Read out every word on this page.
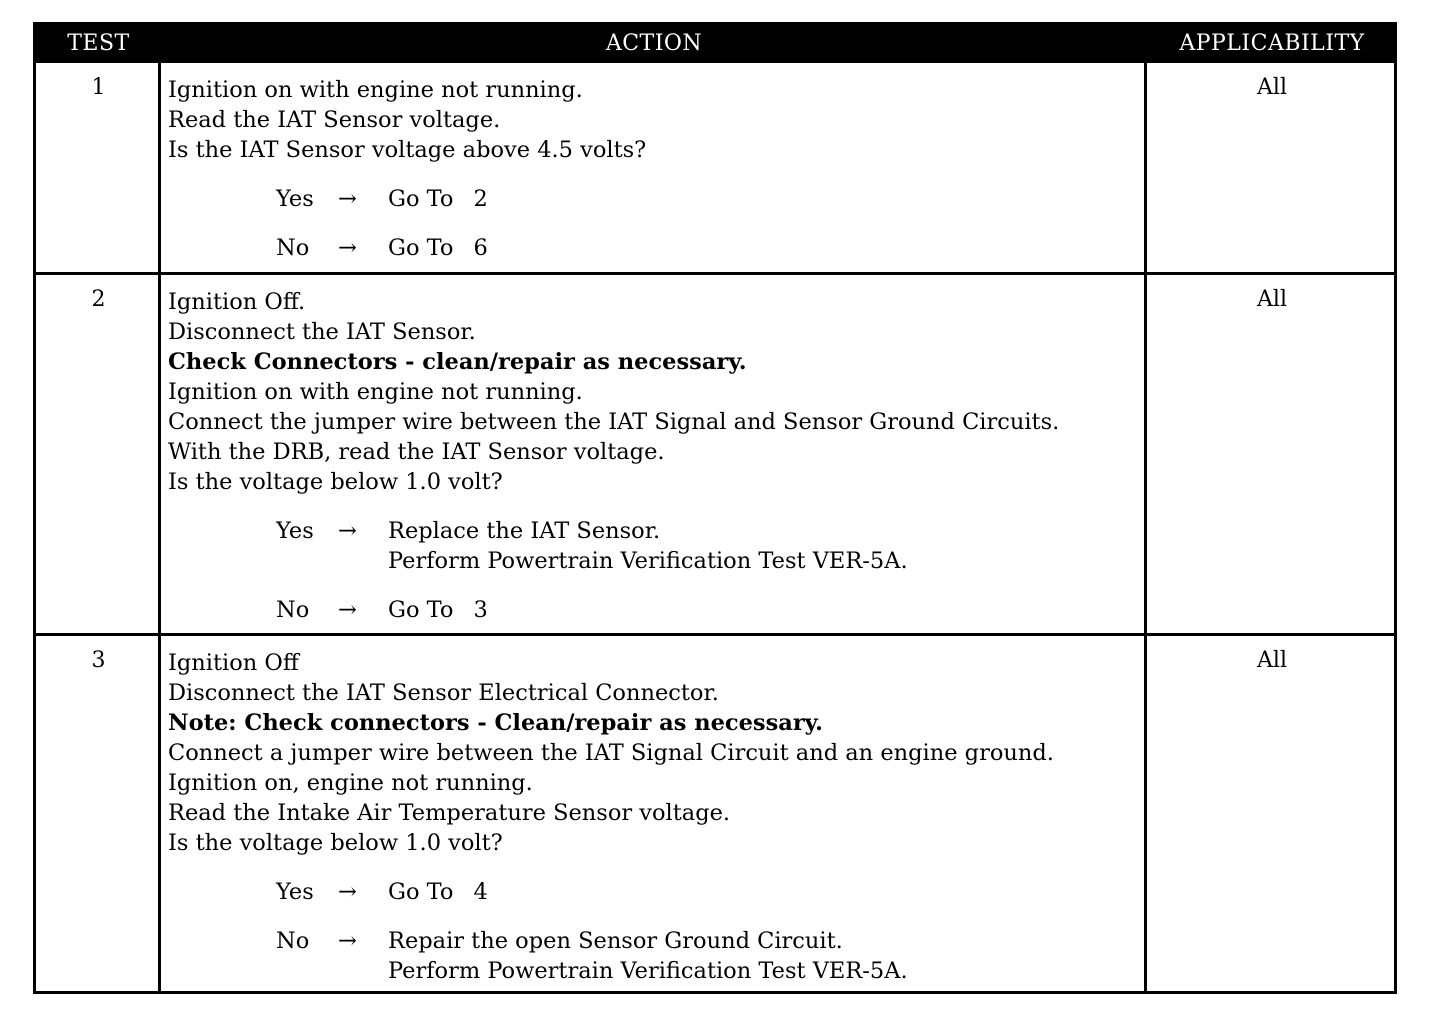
TEST	ACTION	APPLICABILITY
1	Ignition on with engine not running.
Read the IAT Sensor voltage.
Is the IAT Sensor voltage above 4.5 volts?
Yes → Go To 2
No → Go To 6
All
2	Ignition Off.
Disconnect the IAT Sensor.
Check Connectors - clean/repair as necessary.
Ignition on with engine not running.
Connect the jumper wire between the IAT Signal and Sensor Ground Circuits.
With the DRB, read the IAT Sensor voltage.
Is the voltage below 1.0 volt?
Yes → Replace the IAT Sensor.
Perform Powertrain Verification Test VER-5A.
No → Go To 3
All
3	Ignition Off
Disconnect the IAT Sensor Electrical Connector.
Note: Check connectors - Clean/repair as necessary.
Connect a jumper wire between the IAT Signal Circuit and an engine ground.
Ignition on, engine not running.
Read the Intake Air Temperature Sensor voltage.
Is the voltage below 1.0 volt?
Yes → Go To 4
No → Repair the open Sensor Ground Circuit.
Perform Powertrain Verification Test VER-5A.
All
